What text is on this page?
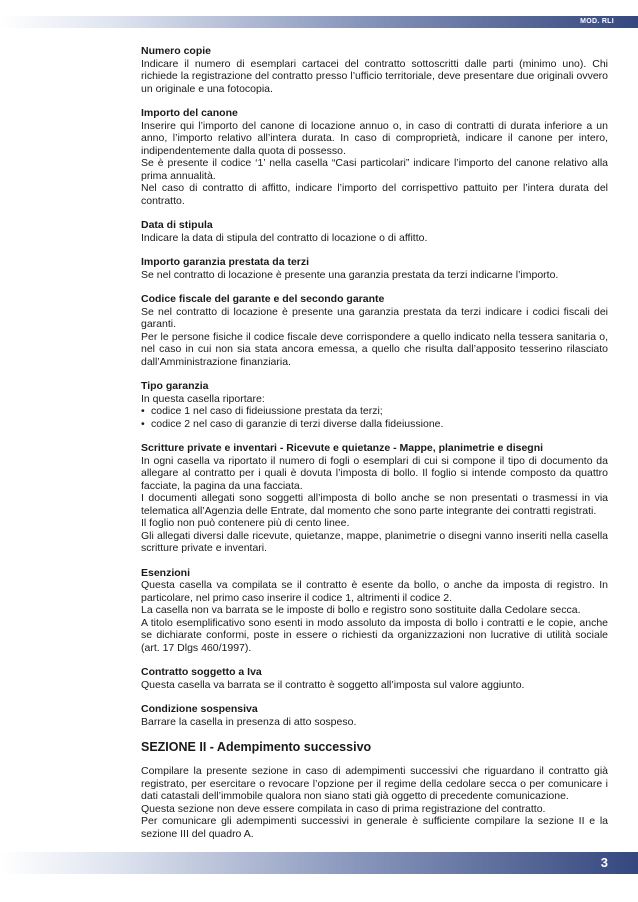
MOD. RLI
Numero copie
Indicare il numero di esemplari cartacei del contratto sottoscritti dalle parti (minimo uno). Chi richiede la registrazione del contratto presso l’ufficio territoriale, deve presentare due originali ovvero un originale e una fotocopia.
Importo del canone
Inserire qui l’importo del canone di locazione annuo o, in caso di contratti di durata inferiore a un anno, l’importo relativo all’intera durata. In caso di comproprietà, indicare il canone per intero, indipendentemente dalla quota di possesso.
Se è presente il codice ‘1’ nella casella “Casi particolari” indicare l’importo del canone relativo alla prima annualità.
Nel caso di contratto di affitto, indicare l’importo del corrispettivo pattuito per l’intera durata del contratto.
Data di stipula
Indicare la data di stipula del contratto di locazione o di affitto.
Importo garanzia prestata da terzi
Se nel contratto di locazione è presente una garanzia prestata da terzi indicarne l’importo.
Codice fiscale del garante e del secondo garante
Se nel contratto di locazione è presente una garanzia prestata da terzi indicare i codici fiscali dei garanti.
Per le persone fisiche il codice fiscale deve corrispondere a quello indicato nella tessera sanitaria o, nel caso in cui non sia stata ancora emessa, a quello che risulta dall’apposito tesserino rilasciato dall’Amministrazione finanziaria.
Tipo garanzia
In questa casella riportare:
• codice 1 nel caso di fideiussione prestata da terzi;
• codice 2 nel caso di garanzie di terzi diverse dalla fideiussione.
Scritture private e inventari - Ricevute e quietanze - Mappe, planimetrie e disegni
In ogni casella va riportato il numero di fogli o esemplari di cui si compone il tipo di documento da allegare al contratto per i quali è dovuta l’imposta di bollo. Il foglio si intende composto da quattro facciate, la pagina da una facciata.
I documenti allegati sono soggetti all’imposta di bollo anche se non presentati o trasmessi in via telematica all’Agenzia delle Entrate, dal momento che sono parte integrante dei contratti registrati.
Il foglio non può contenere più di cento linee.
Gli allegati diversi dalle ricevute, quietanze, mappe, planimetrie o disegni vanno inseriti nella casella scritture private e inventari.
Esenzioni
Questa casella va compilata se il contratto è esente da bollo, o anche da imposta di registro. In particolare, nel primo caso inserire il codice 1, altrimenti il codice 2.
La casella non va barrata se le imposte di bollo e registro sono sostituite dalla Cedolare secca.
A titolo esemplificativo sono esenti in modo assoluto da imposta di bollo i contratti e le copie, anche se dichiarate conformi, poste in essere o richiesti da organizzazioni non lucrative di utilità sociale (art. 17 Dlgs 460/1997).
Contratto soggetto a Iva
Questa casella va barrata se il contratto è soggetto all’imposta sul valore aggiunto.
Condizione sospensiva
Barrare la casella in presenza di atto sospeso.
SEZIONE II - Adempimento successivo
Compilare la presente sezione in caso di adempimenti successivi che riguardano il contratto già registrato, per esercitare o revocare l’opzione per il regime della cedolare secca o per comunicare i dati catastali dell’immobile qualora non siano stati già oggetto di precedente comunicazione.
Questa sezione non deve essere compilata in caso di prima registrazione del contratto.
Per comunicare gli adempimenti successivi in generale è sufficiente compilare la sezione II e la sezione III del quadro A.
3
